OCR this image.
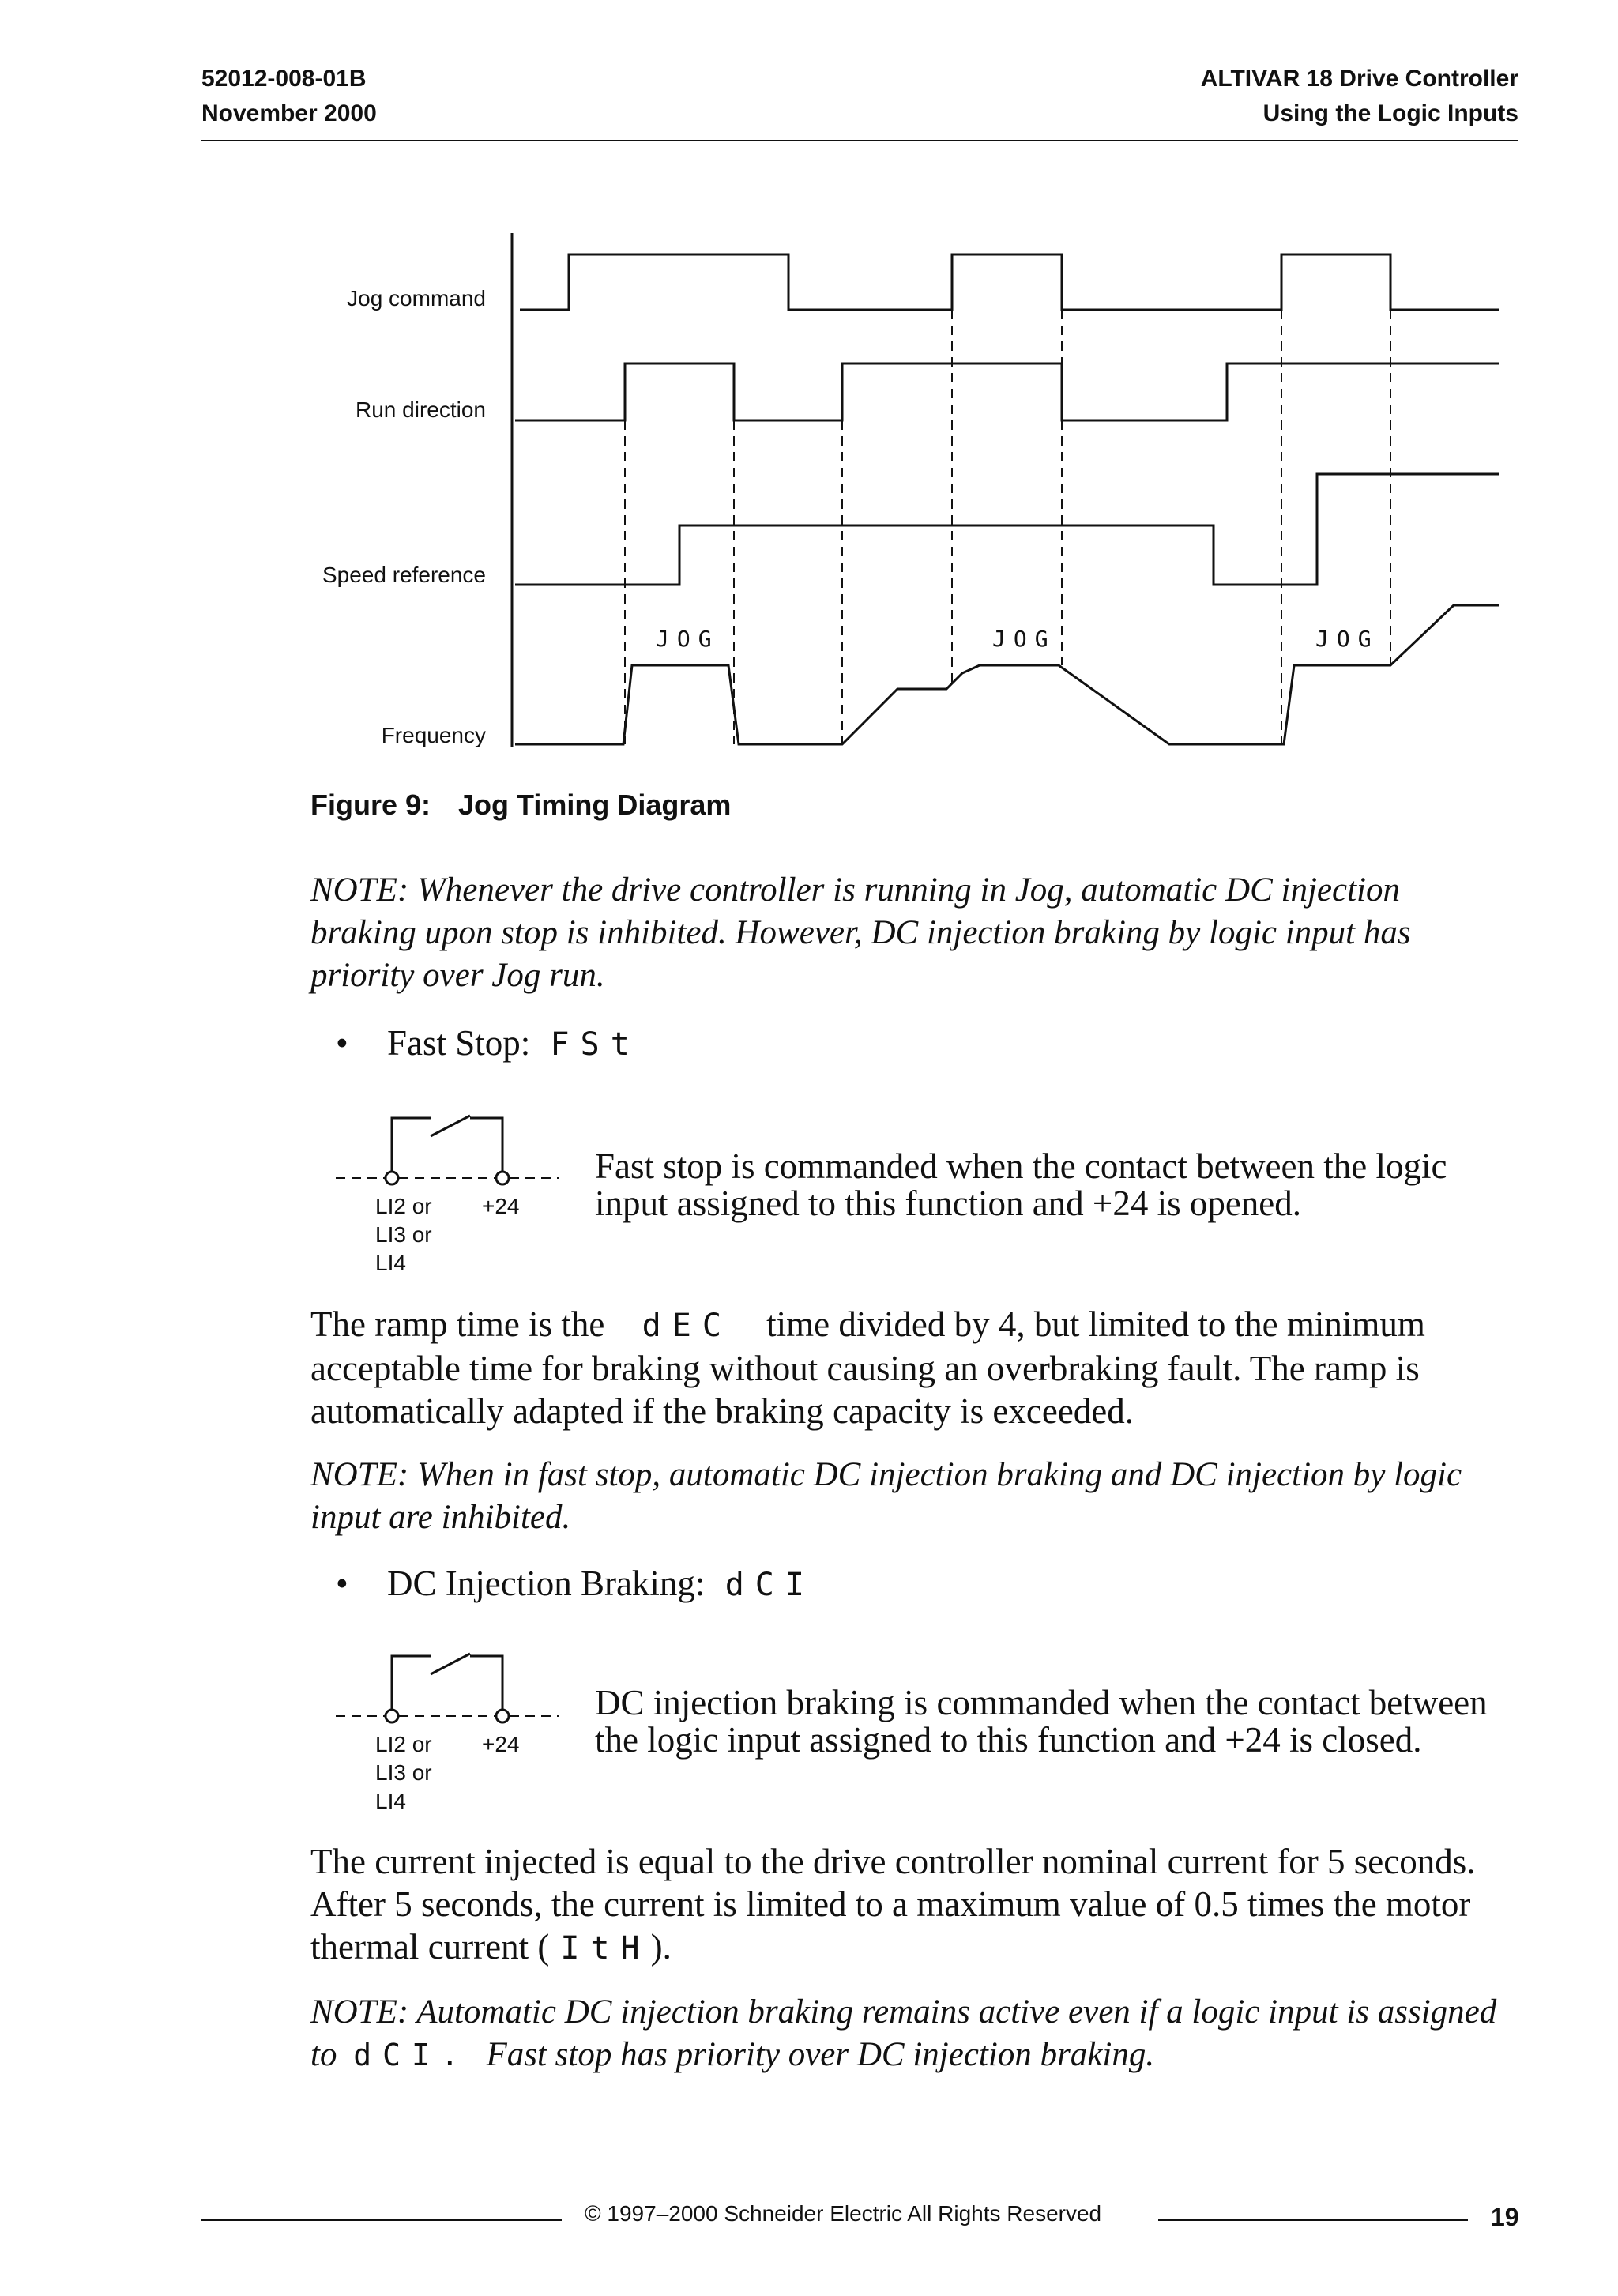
52012-008-01B
November 2000
ALTIVAR 18 Drive Controller
Using the Logic Inputs
Jog command
Run direction
Speed reference
Frequency
JOG	JOG	JOG
Figure 9: Jog Timing Diagram
NOTE: Whenever the drive controller is running in Jog, automatic DC injection braking upon stop is inhibited. However, DC injection braking by logic input has priority over Jog run.
• Fast Stop: FSt
LI2 or
LI3 or
LI4
+24
Fast stop is commanded when the contact between the logic input assigned to this function and +24 is opened.
The ramp time is the dEC time divided by 4, but limited to the minimum acceptable time for braking without causing an overbraking fault. The ramp is automatically adapted if the braking capacity is exceeded.
NOTE: When in fast stop, automatic DC injection braking and DC injection by logic input are inhibited.
• DC Injection Braking: dCI
LI2 or
LI3 or
LI4
+24
DC injection braking is commanded when the contact between the logic input assigned to this function and +24 is closed.
The current injected is equal to the drive controller nominal current for 5 seconds. After 5 seconds, the current is limited to a maximum value of 0.5 times the motor thermal current ( ItH).
NOTE: Automatic DC injection braking remains active even if a logic input is assigned to dCI. Fast stop has priority over DC injection braking.
© 1997–2000 Schneider Electric All Rights Reserved	19
